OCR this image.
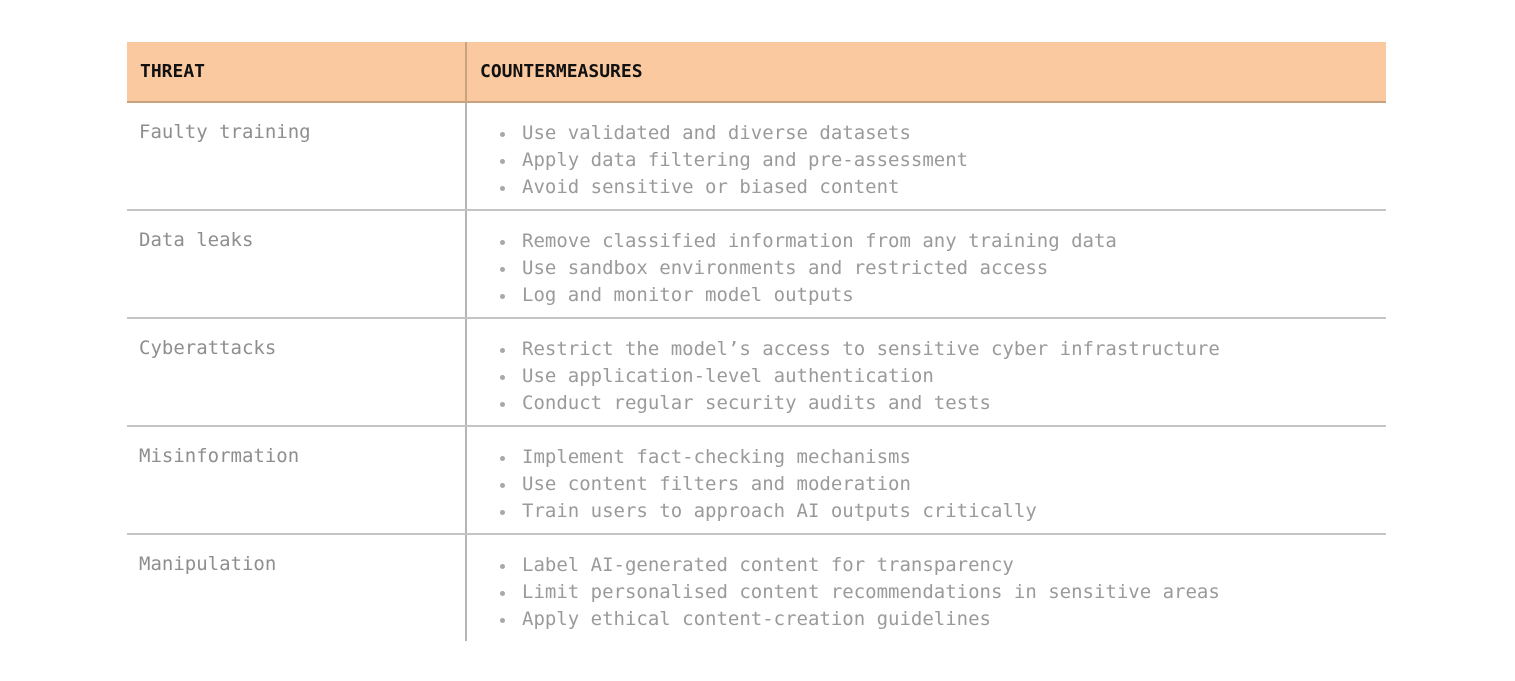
THREAT	COUNTERMEASURES
Faulty training	Use validated and diverse datasets
Apply data filtering and pre-assessment
Avoid sensitive or biased content
Data leaks	Remove classified information from any training data
Use sandbox environments and restricted access
Log and monitor model outputs
Cyberattacks	Restrict the model’s access to sensitive cyber infrastructure
Use application-level authentication
Conduct regular security audits and tests
Misinformation	Implement fact-checking mechanisms
Use content filters and moderation
Train users to approach AI outputs critically
Manipulation	Label AI-generated content for transparency
Limit personalised content recommendations in sensitive areas
Apply ethical content-creation guidelines
